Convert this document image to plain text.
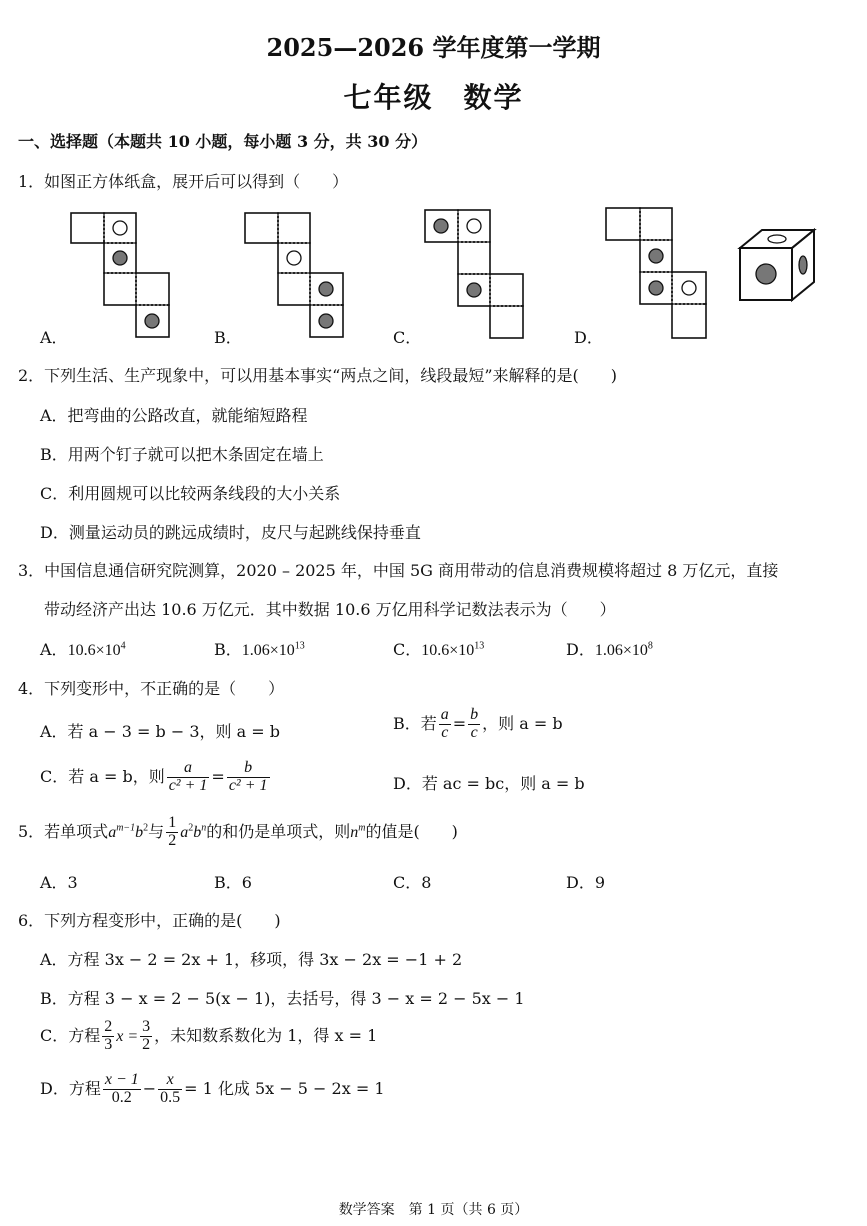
2025—2026 学年度第一学期
七年级　数学
一、选择题（本题共 10 小题，每小题 3 分，共 30 分）
1．如图正方体纸盒，展开后可以得到（　　）
A．	B．	C．	D．
2．下列生活、生产现象中，可以用基本事实“两点之间，线段最短”来解释的是(　　)
A．把弯曲的公路改直，就能缩短路程
B．用两个钉子就可以把木条固定在墙上
C．利用圆规可以比较两条线段的大小关系
D．测量运动员的跳远成绩时，皮尺与起跳线保持垂直
3．中国信息通信研究院测算，2020 – 2025 年，中国 5G 商用带动的信息消费规模将超过 8 万亿元，直接
带动经济产出达 10.6 万亿元．其中数据 10.6 万亿用科学记数法表示为（　　）
A．$10.6\times 10^4$	B．$1.06\times 10^{13}$	C．$10.6\times 10^{13}$	D．$1.06\times 10^8$
4．下列变形中，不正确的是（　　）
A．若 a − 3 = b − 3，则 a = b	B．若 $\frac{a}{c} = \frac{b}{c}$ ，则 a = b
C．若 a = b，则 $\frac{a}{\text{c² + 1}} = \frac{b}{\text{c² + 1}}$	D．若 ac = bc，则 a = b
5．若单项式$a^{m-1}b^2$与 $\frac{1}{2} a^2b^n$的和仍是单项式，则$n^m$的值是(　　)
A．3	B．6	C．8	D．9
6．下列方程变形中，正确的是(　　)
A．方程 3x − 2 = 2x + 1，移项，得 3x − 2x = −1 + 2
B．方程 3 − x = 2 − 5(x − 1)，去括号，得 3 − x = 2 − 5x − 1
C．方程 $\frac{2}{3}$ $x = \frac{3}{2}$ ，未知数系数化为 1，得 x = 1
D．方程 $\frac{x - 1}{0.2} - \frac{x}{0.5} = 1$ 化成 5x − 5 − 2x = 1
数学答案　第 1 页（共 6 页）
